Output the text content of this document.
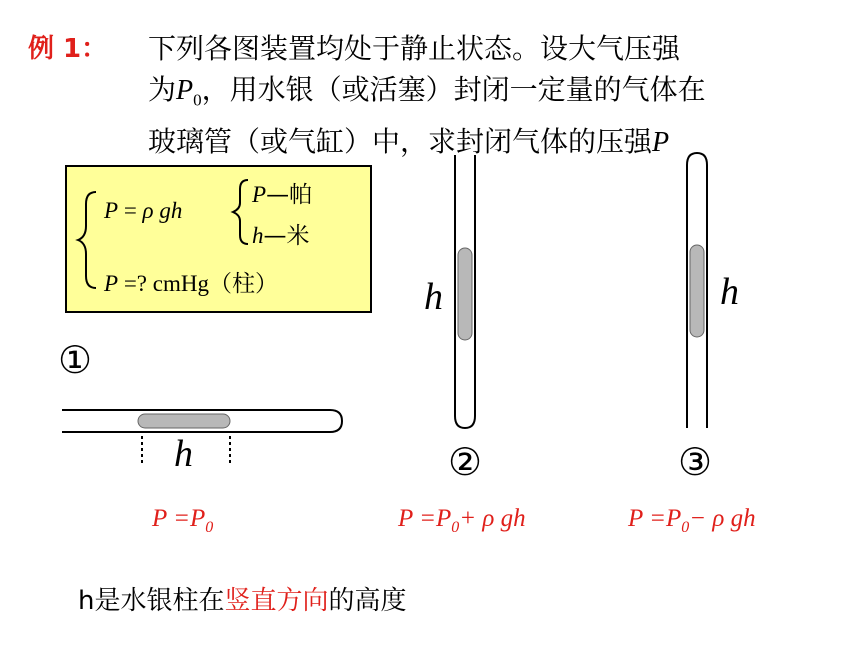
例 1： 下列各图装置均处于静止状态。设大气压强
为$P_0$，用水银（或活塞）封闭一定量的气体在
玻璃管（或气缸）中，求封闭气体的压强P
P = ρ gh
P—帕
h—米
P =? cmHg（柱）
①
h
h
②
h
③
$P =P_0$	$P =P_0+ \rho$ gh	$P =P_0- \rho$ gh
h是水银柱在竖直方向的高度
